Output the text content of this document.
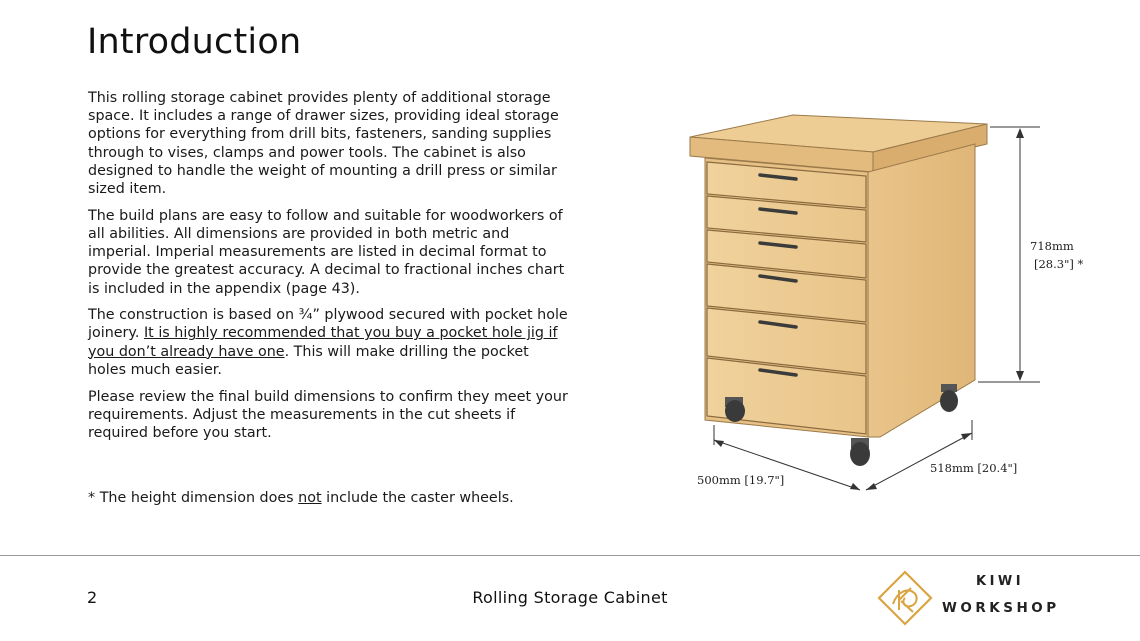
Introduction

This rolling storage cabinet provides plenty of additional storage space. It includes a range of drawer sizes, providing ideal storage options for everything from drill bits, fasteners, sanding supplies through to vises, clamps and power tools. The cabinet is also designed to handle the weight of mounting a drill press or similar sized item.

The build plans are easy to follow and suitable for woodworkers of all abilities. All dimensions are provided in both metric and imperial. Imperial measurements are listed in decimal format to provide the greatest accuracy. A decimal to fractional inches chart is included in the appendix (page 43).

The construction is based on ¾” plywood secured with pocket hole joinery. It is highly recommended that you buy a pocket hole jig if you don’t already have one. This will make drilling the pocket holes much easier.

Please review the final build dimensions to confirm they meet your requirements. Adjust the measurements in the cut sheets if required before you start.

* The height dimension does not include the caster wheels.
718mm
[28.3"] *
500mm [19.7"]
518mm [20.4"]
2	Rolling Storage Cabinet
KIWI
WORKSHOP
